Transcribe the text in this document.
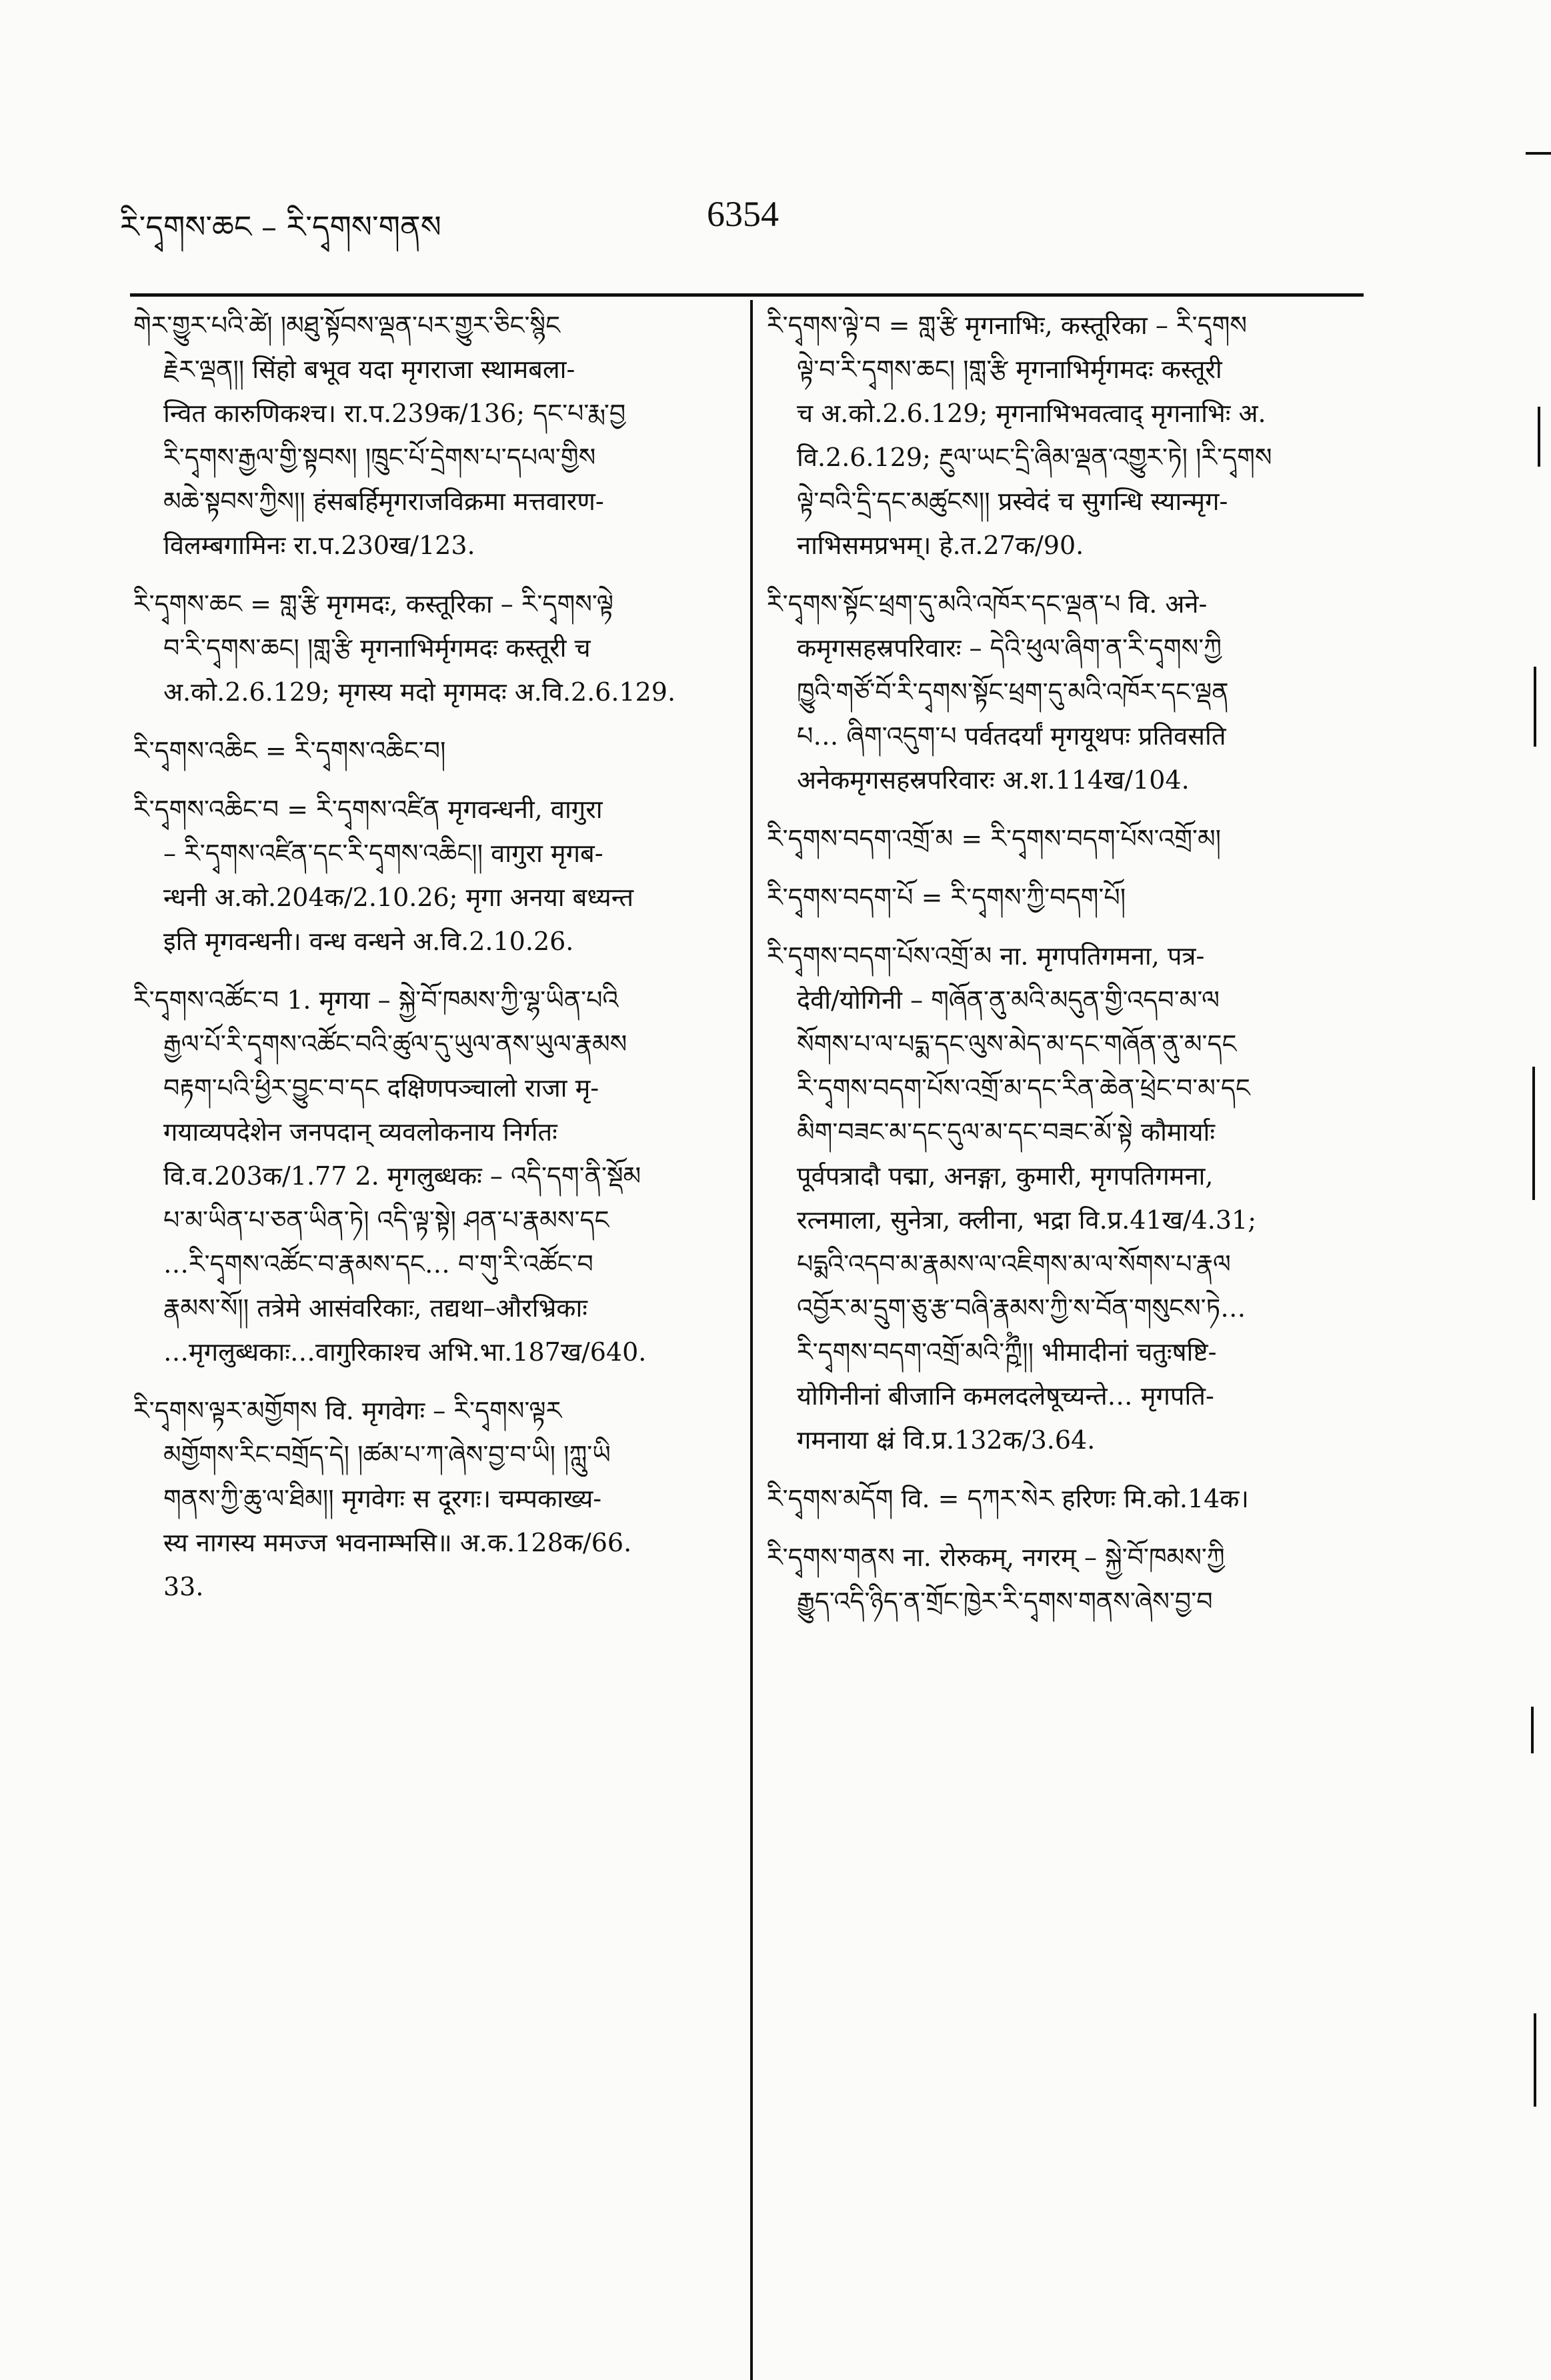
རི་དྭགས་ཆང – རི་དྭགས་གནས	6354
གེར་གྱུར་པའི་ཚེ། །མཐུ་སྟོབས་ལྡན་པར་གྱུར་ཅིང་སྙིང
རྗེར་ལྡན།། सिंहो बभूव यदा मृगराजा स्थामबला-
न्वित कारुणिकश्च। रा.प.239क/136; དང་པ་རྨ་བྱ
རི་དྭགས་རྒྱལ་གྱི་སྟབས། །ཁྲུང་པོ་དྲེགས་པ་དཔལ་གྱིས
མཆེ་སྟབས་ཀྱིས།། हंसबर्हिमृगराजविक्रमा मत्तवारण-
विलम्बगामिनः रा.प.230ख/123.
རི་དྭགས་ཆང = གླ་རྩི मृगमदः, कस्तूरिका – རི་དྭགས་ལྟེ
བ་རི་དྭགས་ཆང། །གླ་རྩི मृगनाभिर्मृगमदः कस्तूरी च
अ.को.2.6.129; मृगस्य मदो मृगमदः अ.वि.2.6.129.
རི་དྭགས་འཆིང = རི་དྭགས་འཆིང་བ།
རི་དྭགས་འཆིང་བ = རི་དྭགས་འཛིན मृगवन्धनी, वागुरा
– རི་དྭགས་འཛིན་དང་རི་དྭགས་འཆིང།། वागुरा मृगब-
न्धनी अ.को.204क/2.10.26; मृगा अनया बध्यन्त
इति मृगवन्धनी। वन्ध वन्धने अ.वि.2.10.26.
རི་དྭགས་འཚོང་བ 1. मृगया – སྐྱེ་བོ་ཁམས་ཀྱི་ལྷ་ཡིན་པའི
རྒྱལ་པོ་རི་དྭགས་འཚོང་བའི་ཚུལ་དུ་ཡུལ་ནས་ཡུལ་རྣམས
བརྟག་པའི་ཕྱིར་བྱུང་བ་དང दक्षिणपञ्चालो राजा मृ-
गयाव्यपदेशेन जनपदान् व्यवलोकनाय निर्गतः
वि.व.203क/1.77 2. मृगलुब्धकः – འདི་དག་ནི་སྡོམ
པ་མ་ཡིན་པ་ཅན་ཡིན་ཏེ། འདི་ལྟ་སྟེ། ཤན་པ་རྣམས་དང
…རི་དྭགས་འཚོང་བ་རྣམས་དང… བ་གུ་རི་འཚོང་བ
རྣམས་སོ།། तत्रेमे आसंवरिकाः, तद्यथा–औरभ्रिकाः
…मृगलुब्धकाः…वागुरिकाश्च अभि.भा.187ख/640.
རི་དྭགས་ལྟར་མགྱོགས वि. मृगवेगः – རི་དྭགས་ལྟར
མགྱོགས་རིང་བགྲོད་དེ། །ཚམ་པ་ཀ་ཞེས་བྱ་བ་ཡི། །ཀླུ་ཡི
གནས་ཀྱི་ཆུ་ལ་ཐིམ།། मृगवेगः स दूरगः। चम्पकाख्य-
स्य नागस्य ममज्ज भवनाम्भसि॥ अ.क.128क/66.
33.
རི་དྭགས་ལྟེ་བ = གླ་རྩི मृगनाभिः, कस्तूरिका – རི་དྭགས
ལྟེ་བ་རི་དྭགས་ཆང། །གླ་རྩི मृगनाभिर्मृगमदः कस्तूरी
च अ.को.2.6.129; मृगनाभिभवत्वाद् मृगनाभिः अ.
वि.2.6.129; རྔུལ་ཡང་དྲི་ཞིམ་ལྡན་འགྱུར་ཏེ། །རི་དྭགས
ལྟེ་བའི་དྲི་དང་མཚུངས།། प्रस्वेदं च सुगन्धि स्यान्मृग-
नाभिसमप्रभम्। हे.त.27क/90.
རི་དྭགས་སྟོང་ཕྲག་དུ་མའི་འཁོར་དང་ལྡན་པ वि. अने-
कमृगसहस्रपरिवारः – དེའི་ཕུལ་ཞིག་ན་རི་དྭགས་ཀྱི
ཁྱུའི་གཙོ་བོ་རི་དྭགས་སྟོང་ཕྲག་དུ་མའི་འཁོར་དང་ལྡན
པ… ཞིག་འདུག་པ पर्वतदर्यां मृगयूथपः प्रतिवसति
अनेकमृगसहस्रपरिवारः अ.श.114ख/104.
རི་དྭགས་བདག་འགྲོ་མ = རི་དྭགས་བདག་པོས་འགྲོ་མ།
རི་དྭགས་བདག་པོ = རི་དྭགས་ཀྱི་བདག་པོ།
རི་དྭགས་བདག་པོས་འགྲོ་མ ना. मृगपतिगमना, पत्र-
देवी/योगिनी – གཞོན་ནུ་མའི་མདུན་གྱི་འདབ་མ་ལ
སོགས་པ་ལ་པདྨ་དང་ལུས་མེད་མ་དང་གཞོན་ནུ་མ་དང
རི་དྭགས་བདག་པོས་འགྲོ་མ་དང་རིན་ཆེན་ཕྲེང་བ་མ་དང
མིག་བཟང་མ་དང་དུལ་མ་དང་བཟང་མོ་སྟེ कौमार्याः
पूर्वपत्रादौ पद्मा, अनङ्गा, कुमारी, मृगपतिगमना,
रत्नमाला, सुनेत्रा, क्लीना, भद्रा वि.प्र.41ख/4.31;
པདྨའི་འདབ་མ་རྣམས་ལ་འཇིགས་མ་ལ་སོགས་པ་རྣལ
འབྱོར་མ་དྲུག་ཅུ་རྩ་བཞི་རྣམས་ཀྱི་ས་བོན་གསུངས་ཏེ…
རི་དྭགས་བདག་འགྲོ་མའི་ཀྵྀཾ།། भीमादीनां चतुःषष्टि-
योगिनीनां बीजानि कमलदलेषूच्यन्ते… मृगपति-
गमनाया क्ष्रं वि.प्र.132क/3.64.
རི་དྭགས་མདོག वि. = དཀར་སེར हरिणः मि.को.14क।
རི་དྭགས་གནས ना. रोरुकम्, नगरम् – སྐྱེ་བོ་ཁམས་ཀྱི
རྒྱུད་འདི་ཉིད་ན་གྲོང་ཁྱེར་རི་དྭགས་གནས་ཞེས་བྱ་བ
